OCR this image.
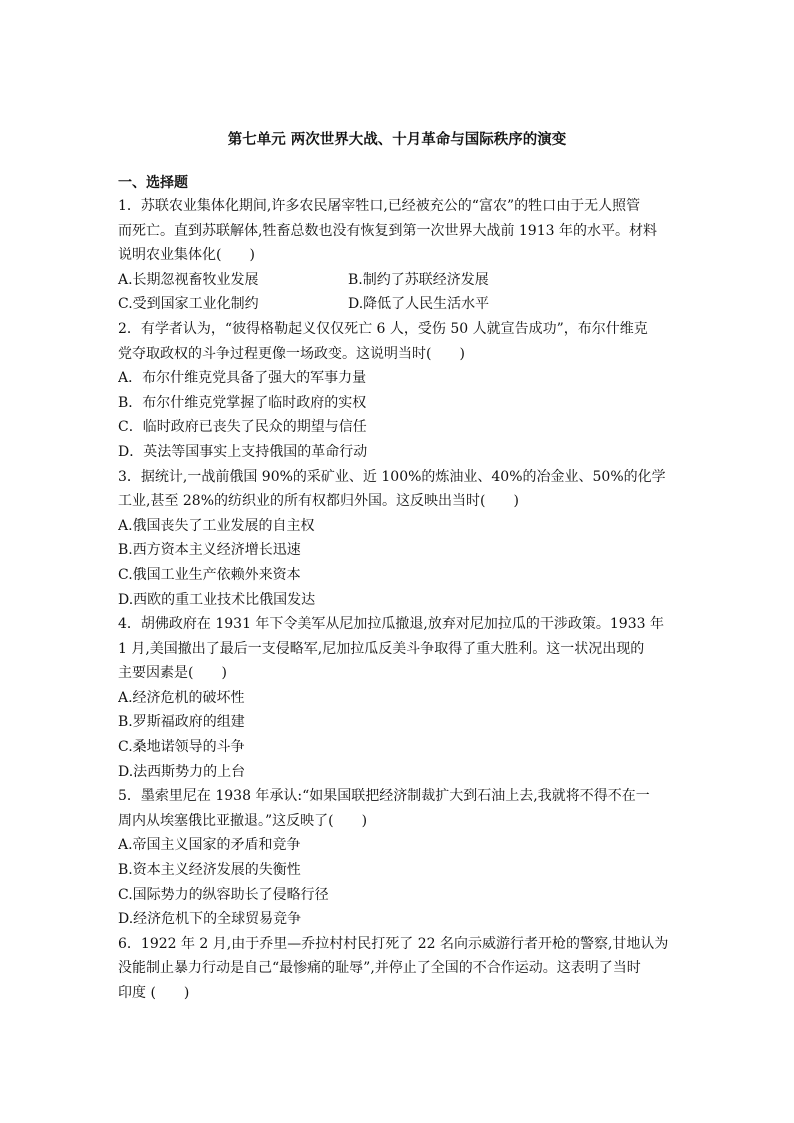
第七单元 两次世界大战、十月革命与国际秩序的演变
一、选择题
1．苏联农业集体化期间,许多农民屠宰牲口,已经被充公的“富农”的牲口由于无人照管
而死亡。直到苏联解体,牲畜总数也没有恢复到第一次世界大战前 1913 年的水平。材料
说明农业集体化(　　)
A.长期忽视畜牧业发展	B.制约了苏联经济发展
C.受到国家工业化制约	D.降低了人民生活水平
2．有学者认为，“彼得格勒起义仅仅死亡 6 人，受伤 50 人就宣告成功”，布尔什维克
党夺取政权的斗争过程更像一场政变。这说明当时(　　)
A．布尔什维克党具备了强大的军事力量
B．布尔什维克党掌握了临时政府的实权
C．临时政府已丧失了民众的期望与信任
D．英法等国事实上支持俄国的革命行动
3．据统计,一战前俄国 90%的采矿业、近 100%的炼油业、40%的冶金业、50%的化学
工业,甚至 28%的纺织业的所有权都归外国。这反映出当时(　　)
A.俄国丧失了工业发展的自主权
B.西方资本主义经济增长迅速
C.俄国工业生产依赖外来资本
D.西欧的重工业技术比俄国发达
4．胡佛政府在 1931 年下令美军从尼加拉瓜撤退,放弃对尼加拉瓜的干涉政策。1933 年
1 月,美国撤出了最后一支侵略军,尼加拉瓜反美斗争取得了重大胜利。这一状况出现的
主要因素是(　　)
A.经济危机的破坏性
B.罗斯福政府的组建
C.桑地诺领导的斗争
D.法西斯势力的上台
5．墨索里尼在 1938 年承认:“如果国联把经济制裁扩大到石油上去,我就将不得不在一
周内从埃塞俄比亚撤退。”这反映了(　　)
A.帝国主义国家的矛盾和竞争
B.资本主义经济发展的失衡性
C.国际势力的纵容助长了侵略行径
D.经济危机下的全球贸易竞争
6．1922 年 2 月,由于乔里—乔拉村村民打死了 22 名向示威游行者开枪的警察,甘地认为
没能制止暴力行动是自己“最惨痛的耻辱”,并停止了全国的不合作运动。这表明了当时
印度 (　　)
